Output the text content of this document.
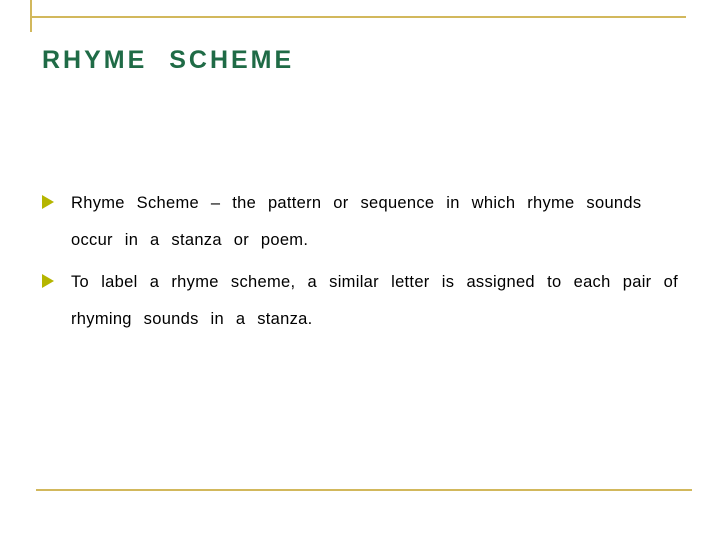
RHYME SCHEME
Rhyme Scheme – the pattern or sequence in which rhyme sounds occur in a stanza or poem.
To label a rhyme scheme, a similar letter is assigned to each pair of rhyming sounds in a stanza.
